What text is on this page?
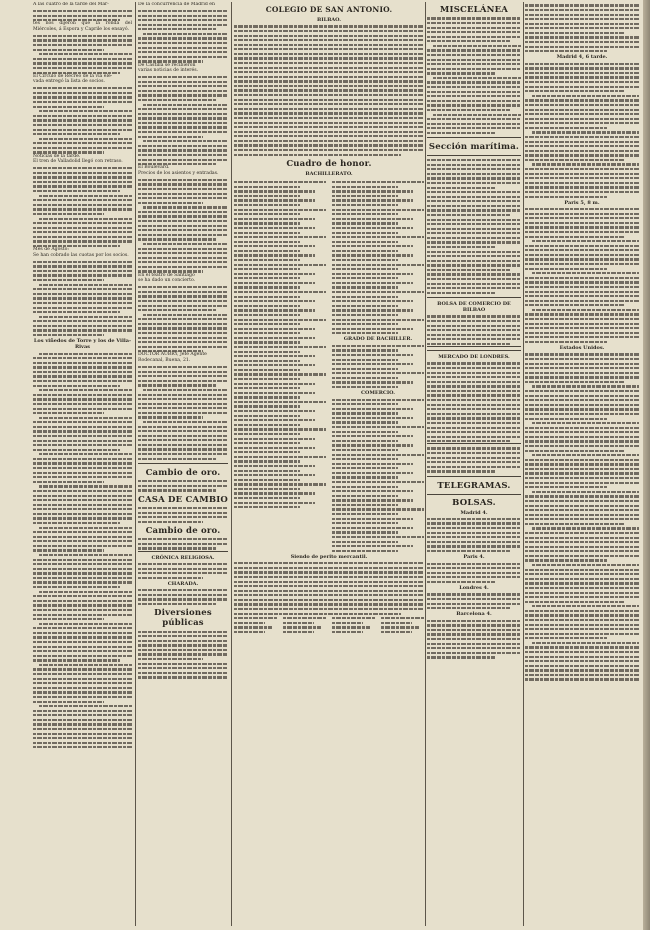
A las cuatro de la tarde del Mar-
tes nos dijeron que la ronda del Miércoles, á Espora y Caprile los ensayó.
El Circulo de Recreo de la via ele-
vada entregó la lista de socios.
Noticias de la tarde.
El tren de Valladolid llegó con retraso.
Mes de Agosto:
Se han cobrado las cuotas por los socios.
Los viñedos de Torre y los de Villa-Rivas
De la concurrencia de Madrid en
De Castilla se recibieron
varias noticias de interés.
El Boulevard.
Precios de los asientos y entradas.
En el teatro de Santiago
se ha dado un concierto.
DOCTOR AUBRY, Jefe Agente
Rodecanal, Buena, 21.
Cambio de oro.
CASA DE CAMBIO
Cambio de oro.
CRÓNICA RELIGIOSA.
CHARADA.
Diversiones públicas
COLEGIO DE SAN ANTONIO.
BILBAO.
Cuadro de honor.
BACHILLERATO.
GRADO DE BACHILLER.
COMERCIO.
Siendo de perito mercantil.
MISCELÁNEA
Sección marítima.
BOLSA DE COMERCIO DE BILBAO
MERCADO DE LONDRES.
TELEGRAMAS.
BOLSAS.
Madrid 4.
Paris 4.
Londres 4.
Barcelona 4.
Madrid 4, 6 tarde.
Paris 5, 8 m.
Estados Unidos.
